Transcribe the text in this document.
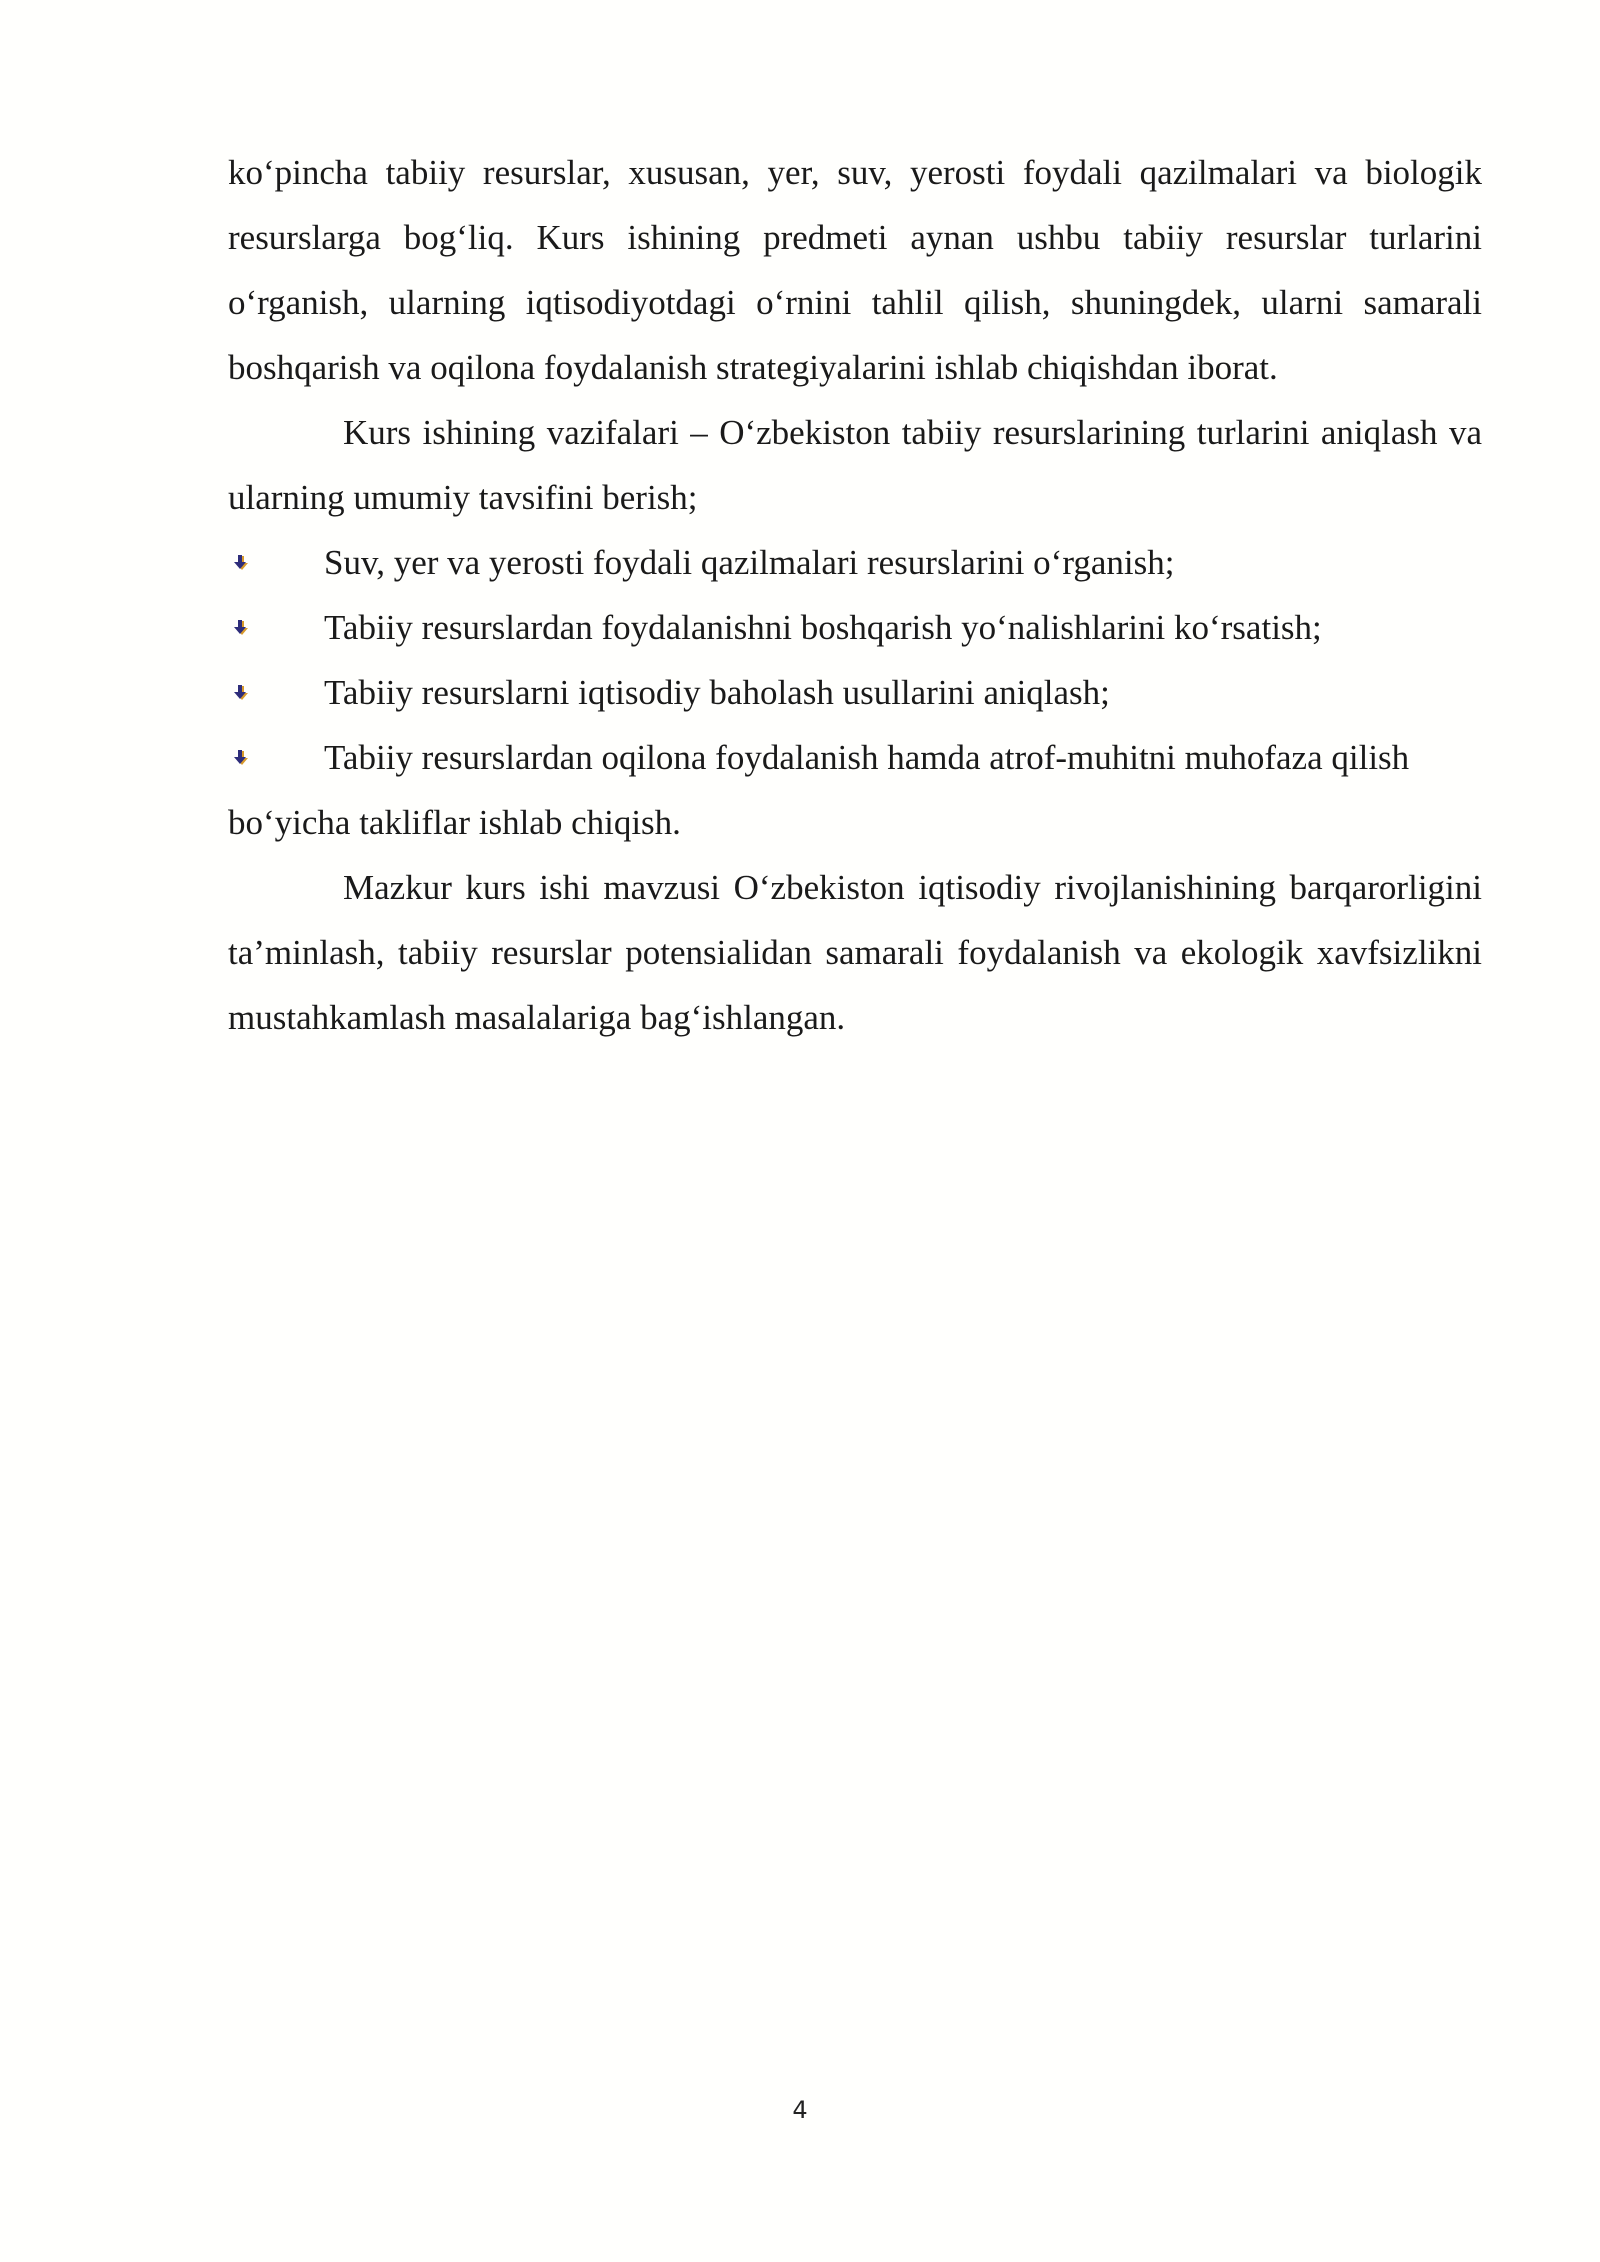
ko‘pincha tabiiy resurslar, xususan, yer, suv, yerosti foydali qazilmalari va biologik resurslarga bog‘liq. Kurs ishining predmeti aynan ushbu tabiiy resurslar turlarini o‘rganish, ularning iqtisodiyotdagi o‘rnini tahlil qilish, shuningdek, ularni samarali boshqarish va oqilona foydalanish strategiyalarini ishlab chiqishdan iborat.

Kurs ishining vazifalari – O‘zbekiston tabiiy resurslarining turlarini aniqlash va ularning umumiy tavsifini berish;

Suv, yer va yerosti foydali qazilmalari resurslarini o‘rganish;

Tabiiy resurslardan foydalanishni boshqarish yo‘nalishlarini ko‘rsatish;

Tabiiy resurslarni iqtisodiy baholash usullarini aniqlash;

Tabiiy resurslardan oqilona foydalanish hamda atrof-muhitni muhofaza qilish bo‘yicha takliflar ishlab chiqish.

Mazkur kurs ishi mavzusi O‘zbekiston iqtisodiy rivojlanishining barqarorligini ta’minlash, tabiiy resurslar potensialidan samarali foydalanish va ekologik xavfsizlikni mustahkamlash masalalariga bag‘ishlangan.

4
